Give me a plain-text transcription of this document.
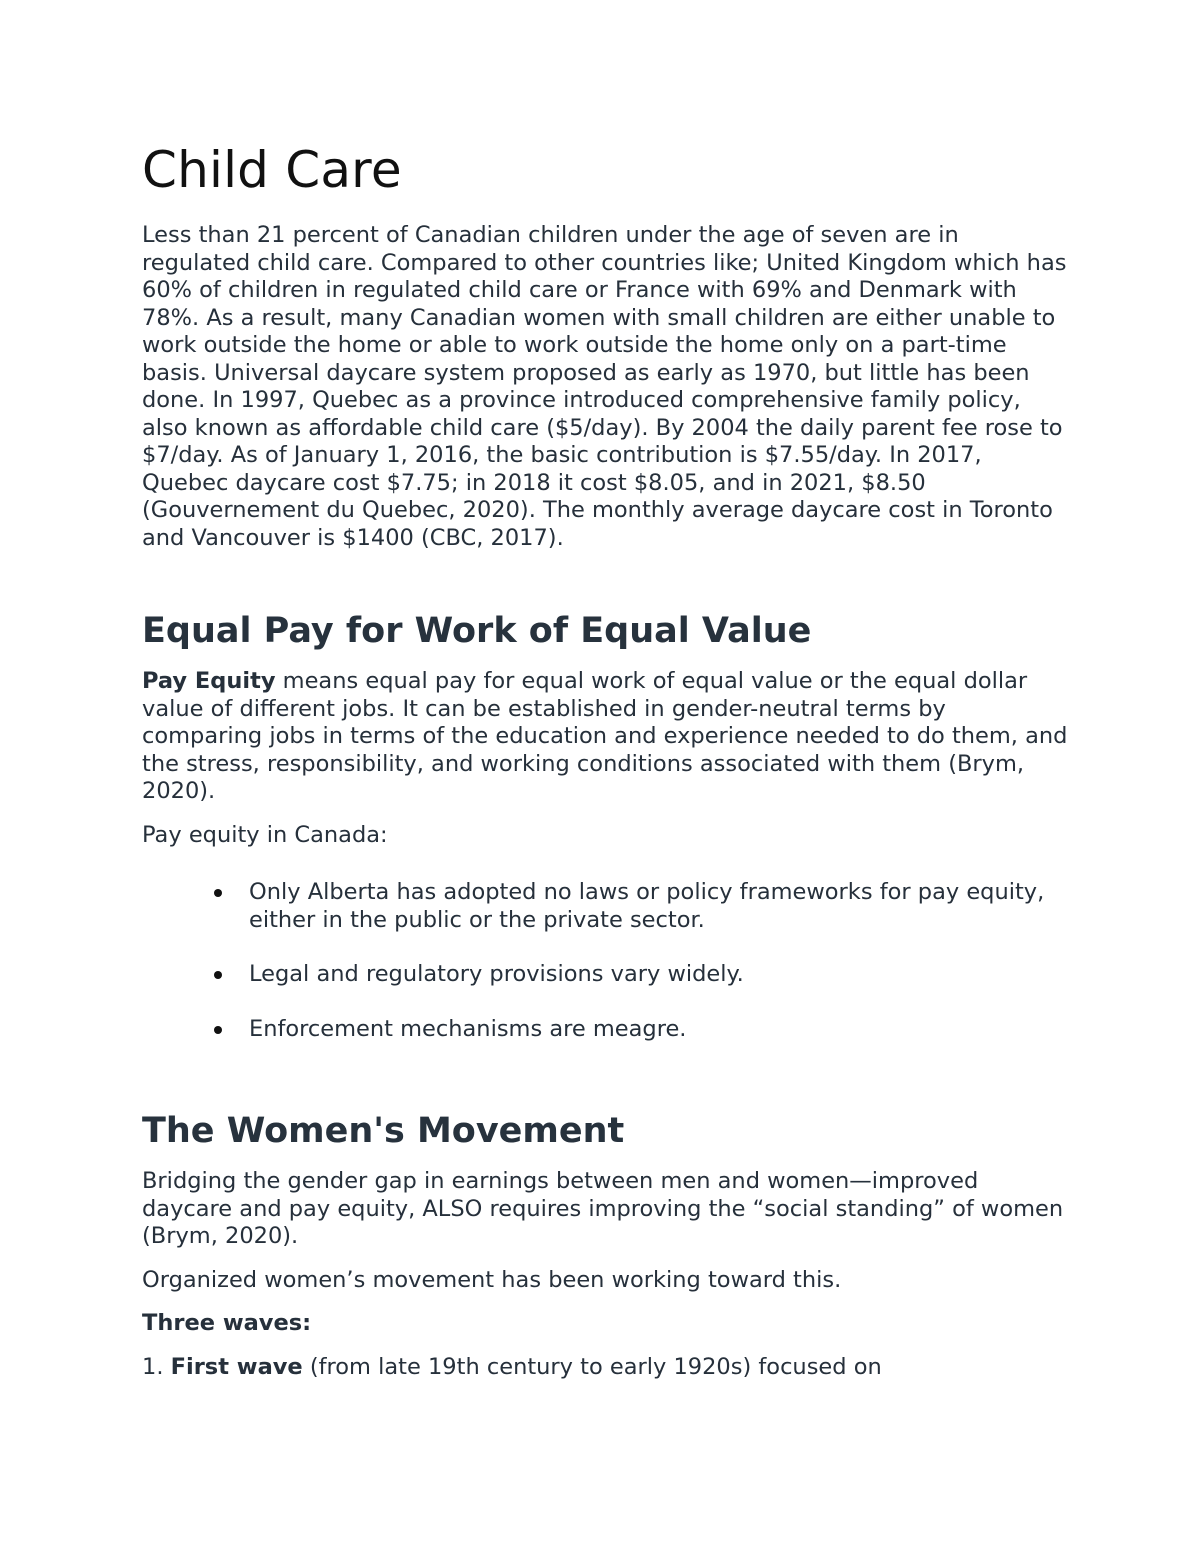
Child Care

Less than 21 percent of Canadian children under the age of seven are in regulated child care. Compared to other countries like; United Kingdom which has 60% of children in regulated child care or France with 69% and Denmark with 78%. As a result, many Canadian women with small children are either unable to work outside the home or able to work outside the home only on a part-time basis. Universal daycare system proposed as early as 1970, but little has been done. In 1997, Quebec as a province introduced comprehensive family policy, also known as affordable child care ($5/day). By 2004 the daily parent fee rose to $7/day. As of January 1, 2016, the basic contribution is $7.55/day. In 2017, Quebec daycare cost $7.75; in 2018 it cost $8.05, and in 2021, $8.50 (Gouvernement du Quebec, 2020). The monthly average daycare cost in Toronto and Vancouver is $1400 (CBC, 2017).

Equal Pay for Work of Equal Value

Pay Equity means equal pay for equal work of equal value or the equal dollar value of different jobs. It can be established in gender-neutral terms by comparing jobs in terms of the education and experience needed to do them, and the stress, responsibility, and working conditions associated with them (Brym, 2020).

Pay equity in Canada:

Only Alberta has adopted no laws or policy frameworks for pay equity, either in the public or the private sector.
Legal and regulatory provisions vary widely.
Enforcement mechanisms are meagre.
The Women's Movement

Bridging the gender gap in earnings between men and women—improved daycare and pay equity, ALSO requires improving the “social standing” of women (Brym, 2020).

Organized women’s movement has been working toward this.

Three waves:

1. First wave (from late 19th century to early 1920s) focused on
